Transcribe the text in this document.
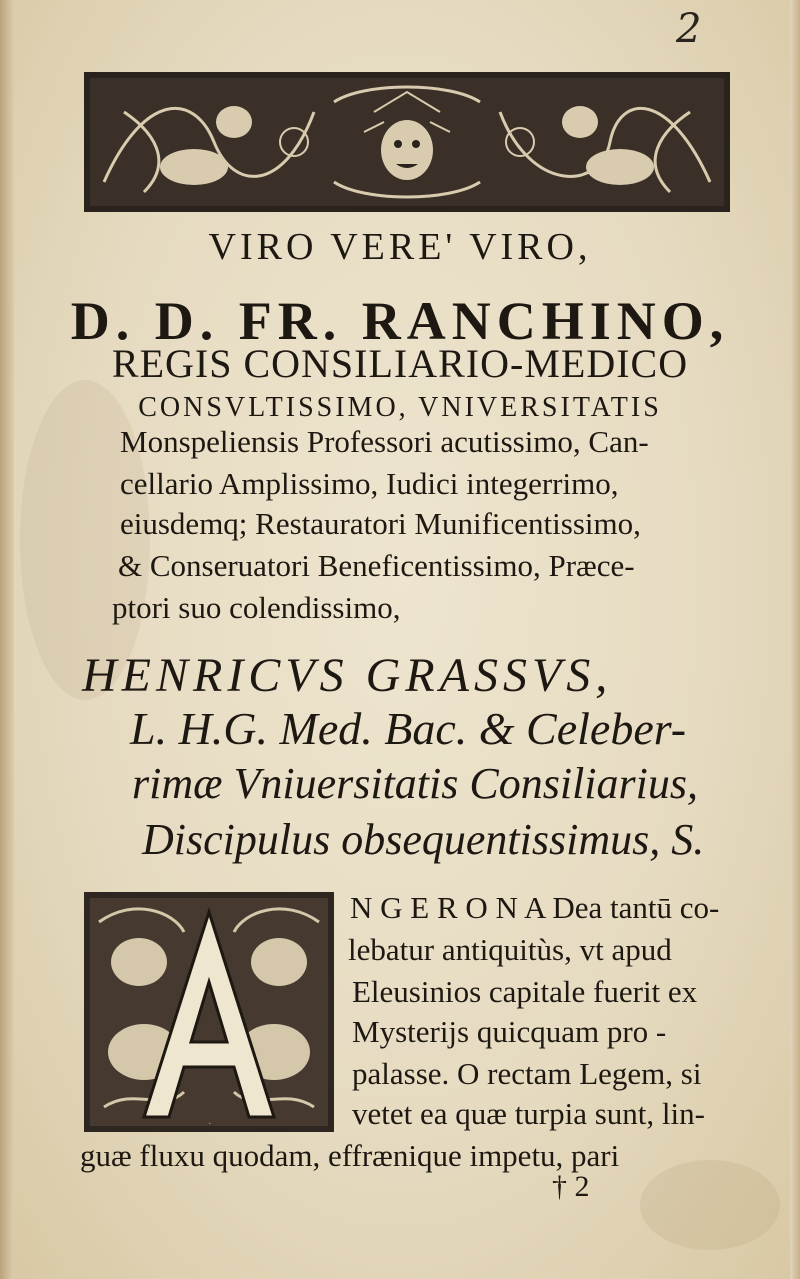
2
VIRO VERE' VIRO,
D. D. FR. RANCHINO,
REGIS CONSILIARIO-MEDICO
CONSVLTISSIMO, VNIVERSITATIS
Monspeliensis Professori acutissimo, Can-
cellario Amplissimo, Iudici integerrimo,
eiusdemq; Restauratori Munificentissimo,
& Conseruatori Beneficentissimo, Præce-
ptori suo colendissimo,
HENRICVS GRASSVS,
L. H.G. Med. Bac. & Celeber-
rimæ Vniuersitatis Consiliarius,
Discipulus obsequentissimus, S.
A
N G E R O N A Dea tantū co-
lebatur antiquitùs, vt apud
Eleusinios capitale fuerit ex
Mysterijs quicquam pro -
palasse. O rectam Legem, si
vetet ea quæ turpia sunt, lin-
guæ fluxu quodam, effrænique impetu, pari
† 2
